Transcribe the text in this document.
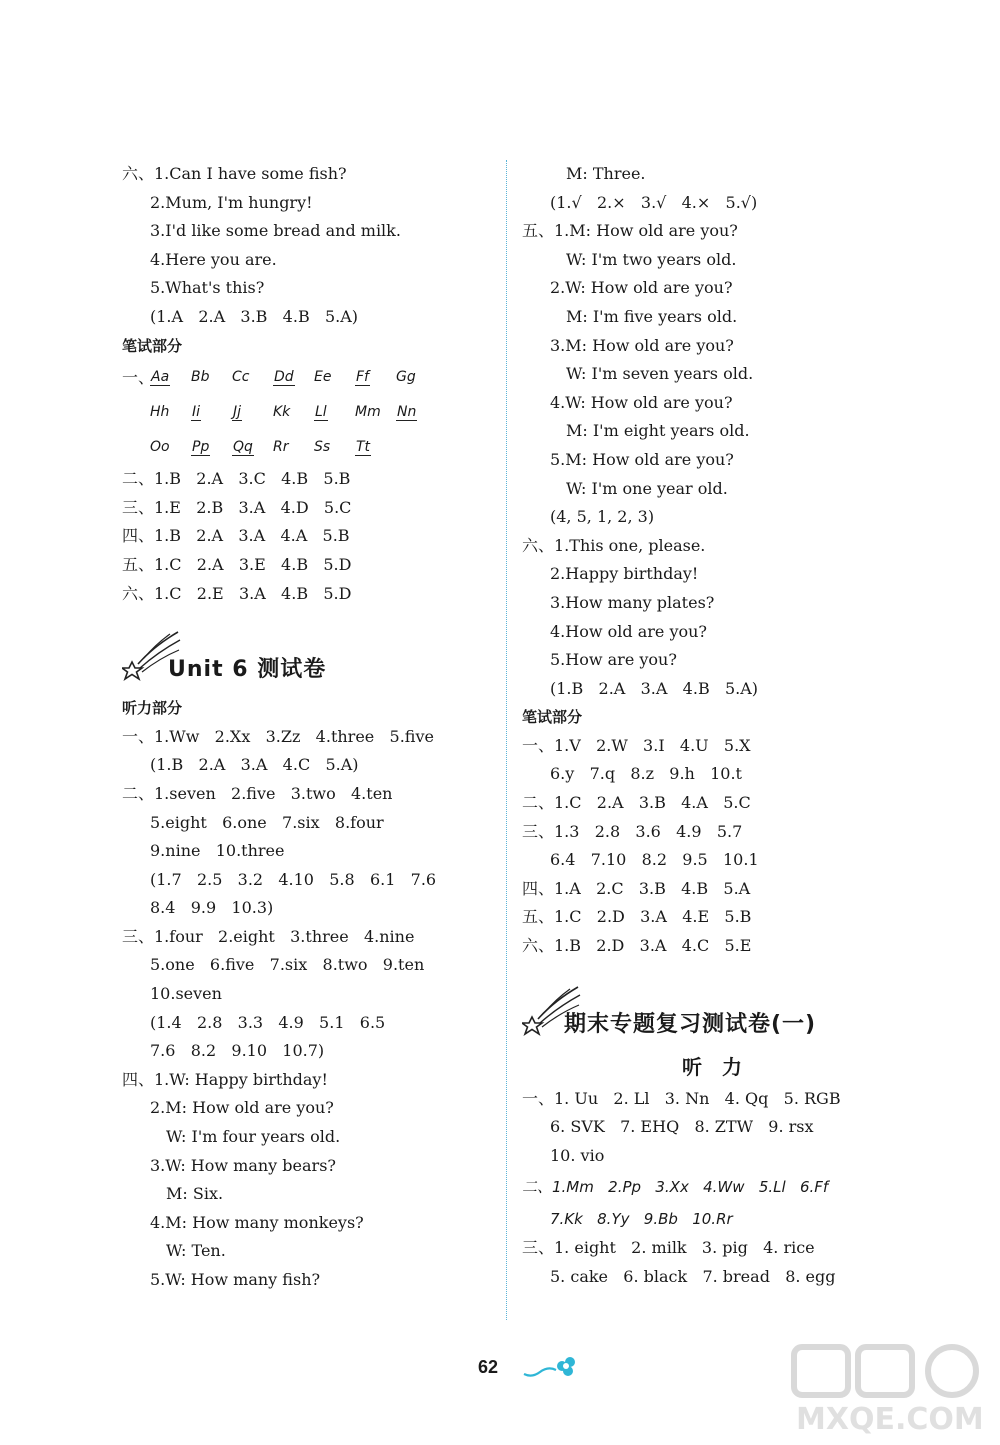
六、1.Can I have some fish?
2.Mum, I'm hungry!
3.I'd like some bread and milk.
4.Here you are.
5.What's this?
(1.A   2.A   3.B   4.B   5.A)
笔试部分
一、
Aa	Bb	Cc	Dd	Ee	Ff	Gg
Hh	Ii	Jj	Kk	Ll	Mm	Nn
Oo	Pp	Qq	Rr	Ss	Tt
二、1.B   2.A   3.C   4.B   5.B
三、1.E   2.B   3.A   4.D   5.C
四、1.B   2.A   3.A   4.A   5.B
五、1.C   2.A   3.E   4.B   5.D
六、1.C   2.E   3.A   4.B   5.D
Unit 6 测试卷
听力部分
一、1.Ww   2.Xx   3.Zz   4.three   5.five
(1.B   2.A   3.A   4.C   5.A)
二、1.seven   2.five   3.two   4.ten
5.eight   6.one   7.six   8.four
9.nine   10.three
(1.7   2.5   3.2   4.10   5.8   6.1   7.6
8.4   9.9   10.3)
三、1.four   2.eight   3.three   4.nine
5.one   6.five   7.six   8.two   9.ten
10.seven
(1.4   2.8   3.3   4.9   5.1   6.5
7.6   8.2   9.10   10.7)
四、1.W: Happy birthday!
2.M: How old are you?
W: I'm four years old.
3.W: How many bears?
M: Six.
4.M: How many monkeys?
W: Ten.
5.W: How many fish?
M: Three.
(1.√   2.×   3.√   4.×   5.√)
五、1.M: How old are you?
W: I'm two years old.
2.W: How old are you?
M: I'm five years old.
3.M: How old are you?
W: I'm seven years old.
4.W: How old are you?
M: I'm eight years old.
5.M: How old are you?
W: I'm one year old.
(4, 5, 1, 2, 3)
六、1.This one, please.
2.Happy birthday!
3.How many plates?
4.How old are you?
5.How are you?
(1.B   2.A   3.A   4.B   5.A)
笔试部分
一、1.V   2.W   3.I   4.U   5.X
6.y   7.q   8.z   9.h   10.t
二、1.C   2.A   3.B   4.A   5.C
三、1.3   2.8   3.6   4.9   5.7
6.4   7.10   8.2   9.5   10.1
四、1.A   2.C   3.B   4.B   5.A
五、1.C   2.D   3.A   4.E   5.B
六、1.B   2.D   3.A   4.C   5.E
期末专题复习测试卷(一)
听力
一、1. Uu   2. Ll   3. Nn   4. Qq   5. RGB
6. SVK   7. EHQ   8. ZTW   9. rsx
10. vio
二、1.Mm   2.Pp   3.Xx   4.Ww   5.Ll   6.Ff
7.Kk   8.Yy   9.Bb   10.Rr
三、1. eight   2. milk   3. pig   4. rice
5. cake   6. black   7. bread   8. egg
62
MXQE.COM
